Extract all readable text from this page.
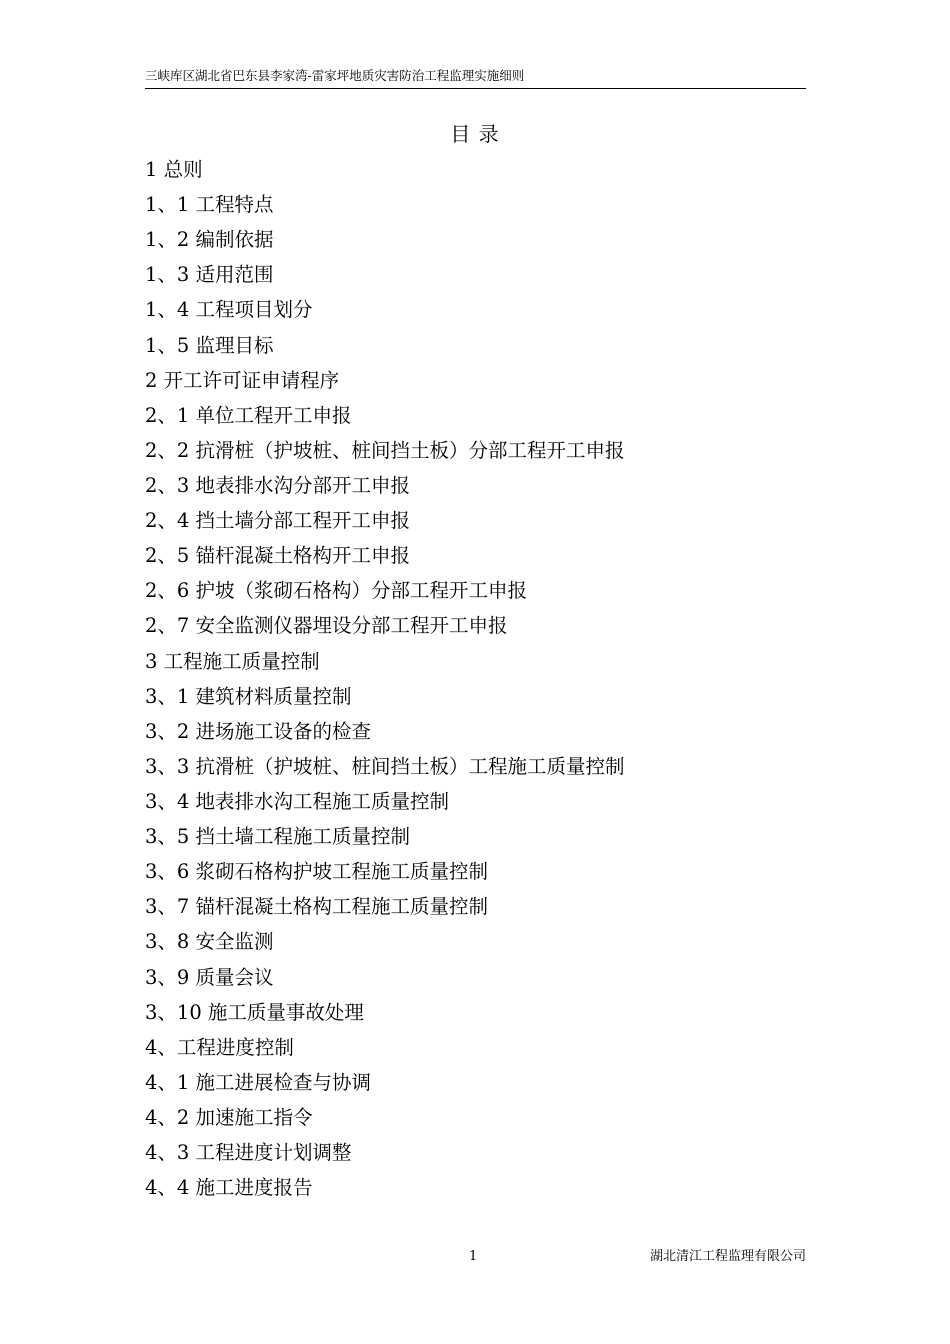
三峡库区湖北省巴东县李家湾-雷家坪地质灾害防治工程监理实施细则
目 录
1 总则
1、1 工程特点
1、2 编制依据
1、3 适用范围
1、4 工程项目划分
1、5 监理目标
2 开工许可证申请程序
2、1 单位工程开工申报
2、2 抗滑桩（护坡桩、桩间挡土板）分部工程开工申报
2、3 地表排水沟分部开工申报
2、4 挡土墙分部工程开工申报
2、5 锚杆混凝土格构开工申报
2、6 护坡（浆砌石格构）分部工程开工申报
2、7 安全监测仪器埋设分部工程开工申报
3 工程施工质量控制
3、1 建筑材料质量控制
3、2 进场施工设备的检查
3、3 抗滑桩（护坡桩、桩间挡土板）工程施工质量控制
3、4 地表排水沟工程施工质量控制
3、5 挡土墙工程施工质量控制
3、6 浆砌石格构护坡工程施工质量控制
3、7 锚杆混凝土格构工程施工质量控制
3、8 安全监测
3、9 质量会议
3、10 施工质量事故处理
4、工程进度控制
4、1 施工进展检查与协调
4、2 加速施工指令
4、3 工程进度计划调整
4、4 施工进度报告
1	湖北清江工程监理有限公司
